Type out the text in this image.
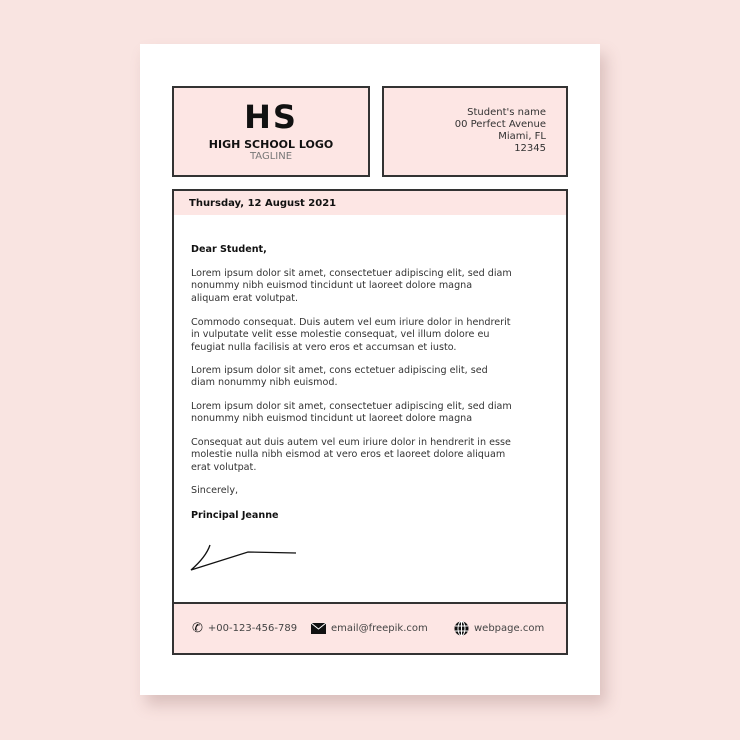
HS
HIGH SCHOOL LOGO
TAGLINE
Student's name
00 Perfect Avenue
Miami, FL
12345
Thursday, 12 August 2021
Dear Student,
Lorem ipsum dolor sit amet, consectetuer adipiscing elit, sed diam
nonummy nibh euismod tincidunt ut laoreet dolore magna
aliquam erat volutpat.
Commodo consequat. Duis autem vel eum iriure dolor in hendrerit
in vulputate velit esse molestie consequat, vel illum dolore eu
feugiat nulla facilisis at vero eros et accumsan et iusto.
Lorem ipsum dolor sit amet, cons ectetuer adipiscing elit, sed
diam nonummy nibh euismod.
Lorem ipsum dolor sit amet, consectetuer adipiscing elit, sed diam
nonummy nibh euismod tincidunt ut laoreet dolore magna
Consequat aut duis autem vel eum iriure dolor in hendrerit in esse
molestie nulla nibh eismod at vero eros et laoreet dolore aliquam
erat volutpat.
Sincerely,
Principal Jeanne
✆ +00-123-456-789	email@freepik.com	webpage.com
